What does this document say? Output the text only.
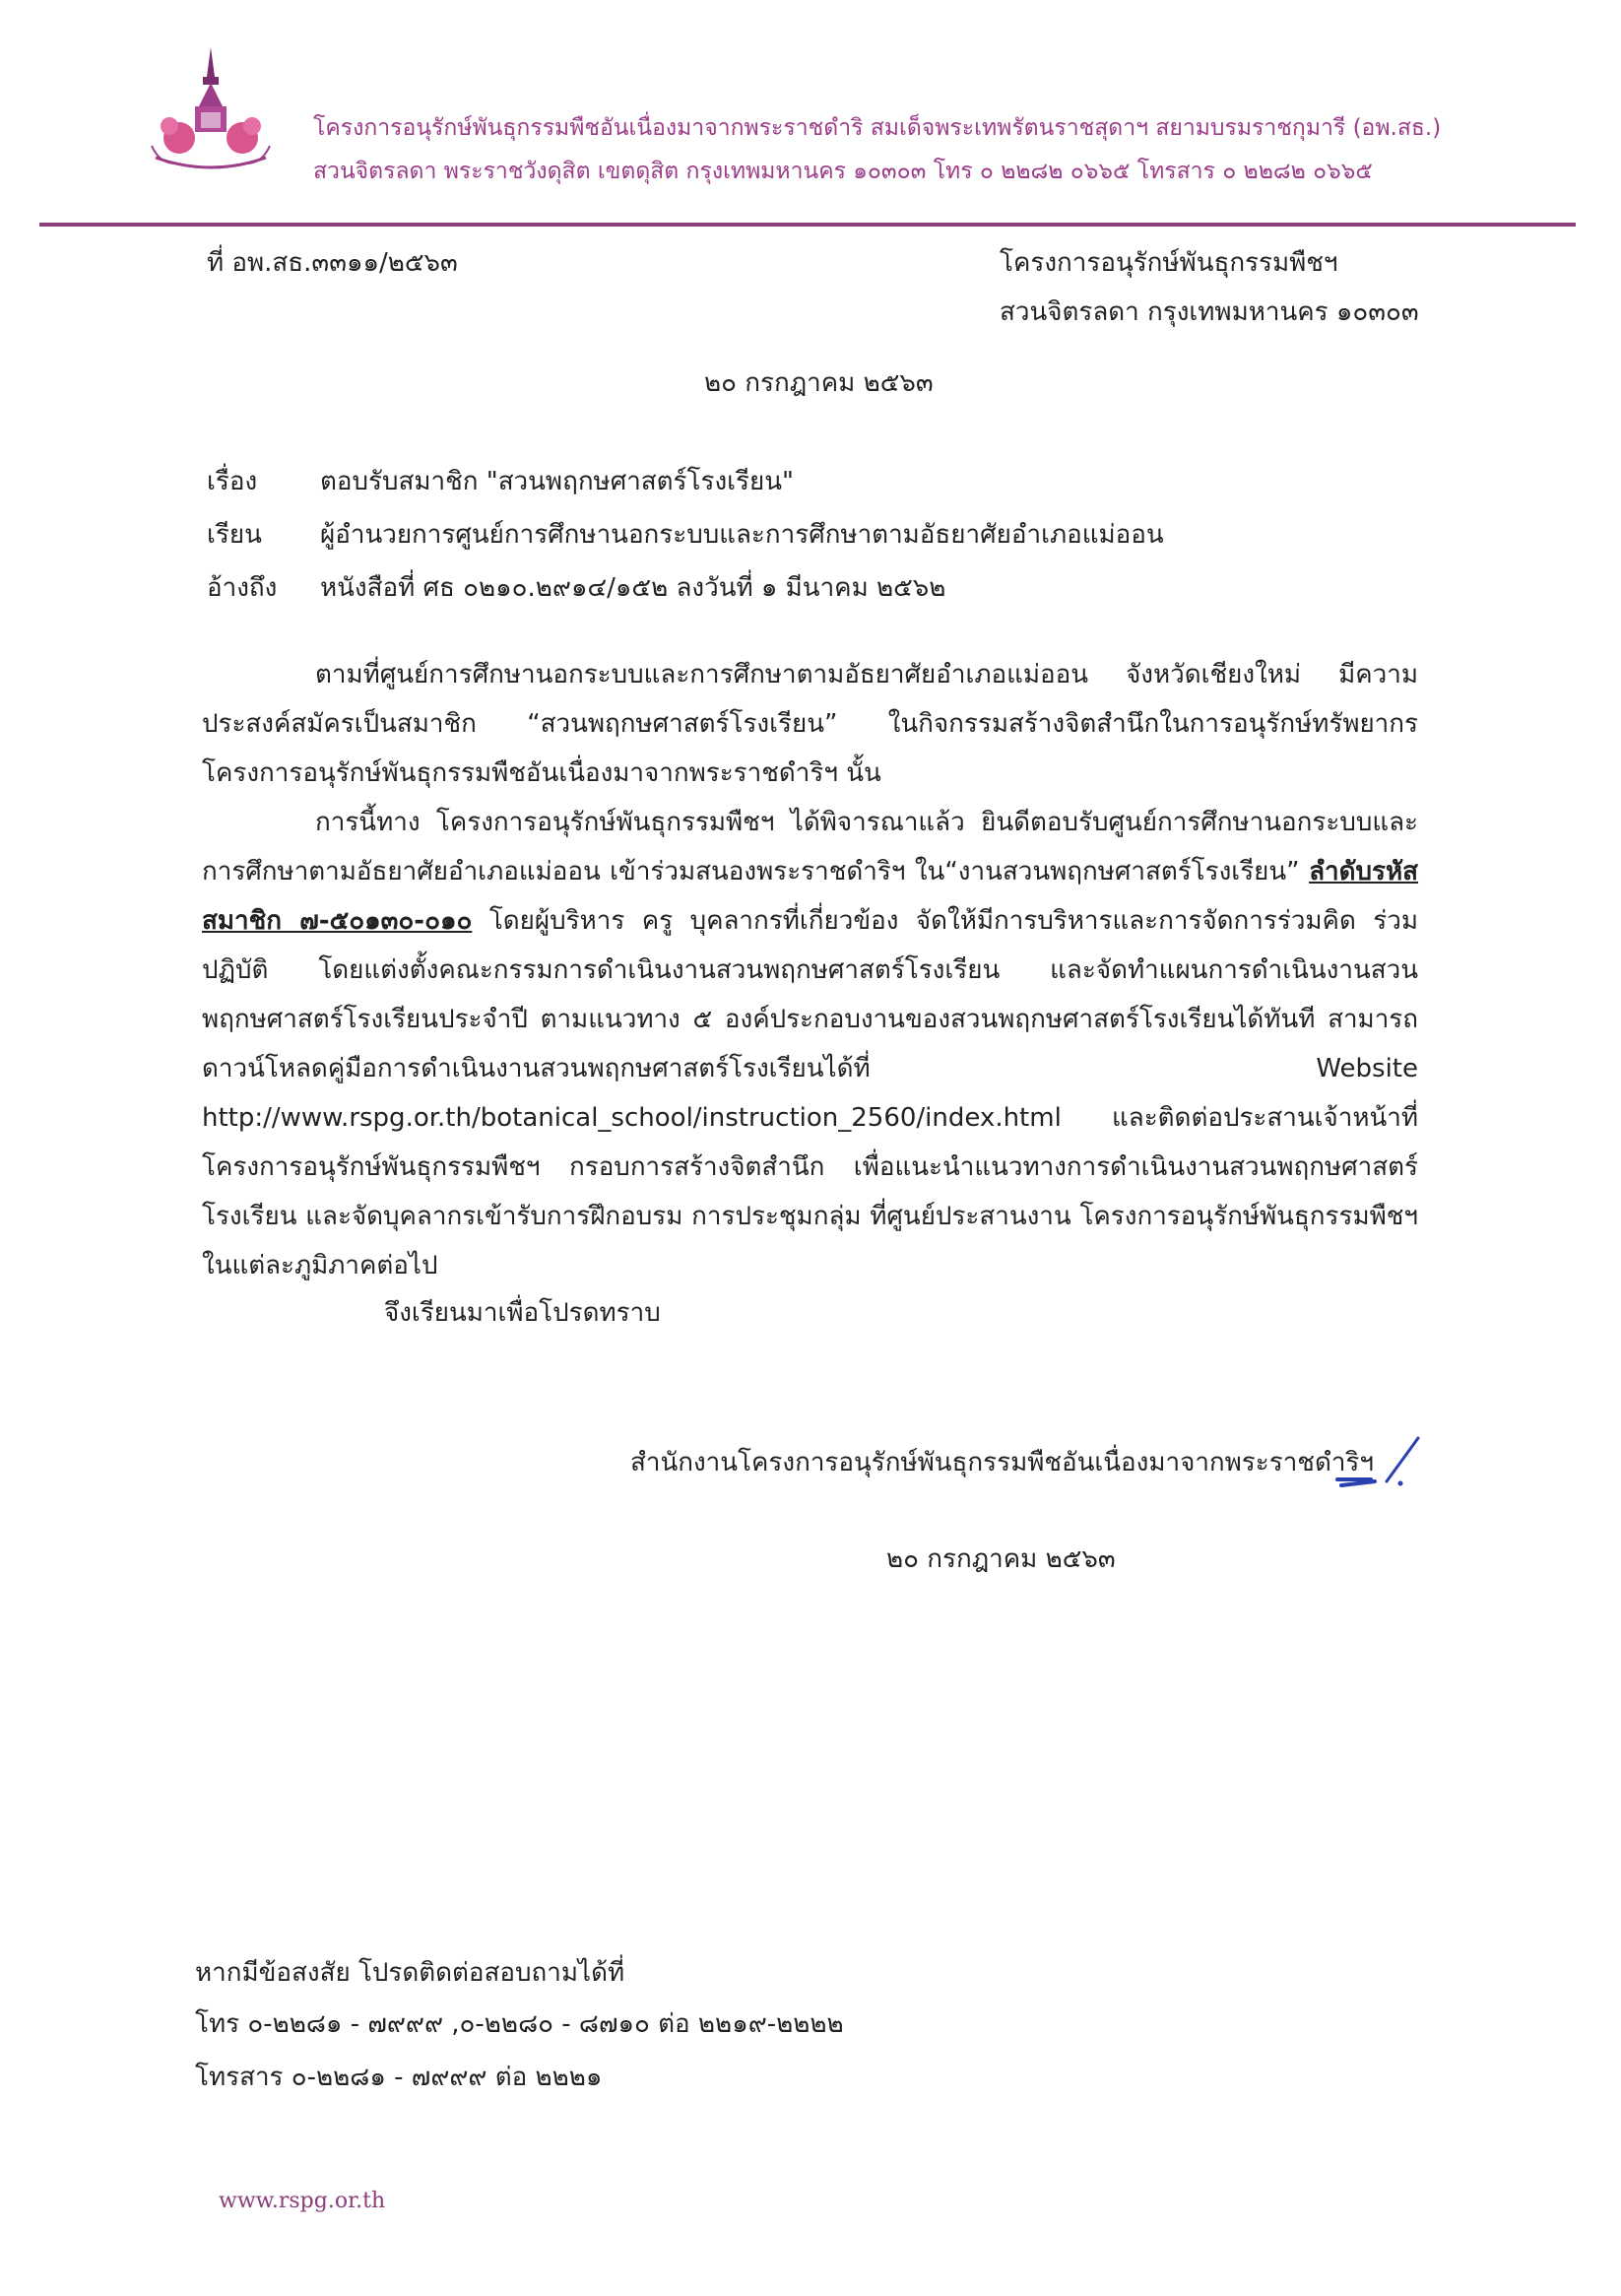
โครงการอนุรักษ์พันธุกรรมพืชอันเนื่องมาจากพระราชดำริ สมเด็จพระเทพรัตนราชสุดาฯ สยามบรมราชกุมารี (อพ.สธ.)
สวนจิตรลดา พระราชวังดุสิต เขตดุสิต กรุงเทพมหานคร ๑๐๓๐๓ โทร ๐ ๒๒๘๒ ๐๖๖๕ โทรสาร ๐ ๒๒๘๒ ๐๖๖๕
ที่ อพ.สธ.๓๓๑๑/๒๕๖๓	โครงการอนุรักษ์พันธุกรรมพืชฯ
สวนจิตรลดา กรุงเทพมหานคร ๑๐๓๐๓
๒๐ กรกฎาคม ๒๕๖๓
เรื่อง ตอบรับสมาชิก "สวนพฤกษศาสตร์โรงเรียน"
เรียน ผู้อำนวยการศูนย์การศึกษานอกระบบและการศึกษาตามอัธยาศัยอำเภอแม่ออน
อ้างถึง หนังสือที่ ศธ ๐๒๑๐.๒๙๑๔/๑๕๒ ลงวันที่ ๑ มีนาคม ๒๕๖๒
ตามที่ศูนย์การศึกษานอกระบบและการศึกษาตามอัธยาศัยอำเภอแม่ออน จังหวัดเชียงใหม่ มีความประสงค์สมัครเป็นสมาชิก “สวนพฤกษศาสตร์โรงเรียน” ในกิจกรรมสร้างจิตสำนึกในการอนุรักษ์ทรัพยากร โครงการอนุรักษ์พันธุกรรมพืชอันเนื่องมาจากพระราชดำริฯ นั้น
การนี้ทาง โครงการอนุรักษ์พันธุกรรมพืชฯ ได้พิจารณาแล้ว ยินดีตอบรับศูนย์การศึกษานอกระบบและการศึกษาตามอัธยาศัยอำเภอแม่ออน เข้าร่วมสนองพระราชดำริฯ ใน“งานสวนพฤกษศาสตร์โรงเรียน” ลำดับรหัสสมาชิก ๗-๕๐๑๓๐-๐๑๐ โดยผู้บริหาร ครู บุคลากรที่เกี่ยวข้อง จัดให้มีการบริหารและการจัดการร่วมคิด ร่วมปฏิบัติ โดยแต่งตั้งคณะกรรมการดำเนินงานสวนพฤกษศาสตร์โรงเรียน และจัดทำแผนการดำเนินงานสวนพฤกษศาสตร์โรงเรียนประจำปี ตามแนวทาง ๕ องค์ประกอบงานของสวนพฤกษศาสตร์โรงเรียนได้ทันที สามารถดาวน์โหลดคู่มือการดำเนินงานสวนพฤกษศาสตร์โรงเรียนได้ที่ Website http://www.rspg.or.th/botanical_school/instruction_2560/index.html และติดต่อประสานเจ้าหน้าที่ โครงการอนุรักษ์พันธุกรรมพืชฯ กรอบการสร้างจิตสำนึก เพื่อแนะนำแนวทางการดำเนินงานสวนพฤกษศาสตร์โรงเรียน และจัดบุคลากรเข้ารับการฝึกอบรม การประชุมกลุ่ม ที่ศูนย์ประสานงาน โครงการอนุรักษ์พันธุกรรมพืชฯ ในแต่ละภูมิภาคต่อไป
จึงเรียนมาเพื่อโปรดทราบ
สำนักงานโครงการอนุรักษ์พันธุกรรมพืชอันเนื่องมาจากพระราชดำริฯ
๒๐ กรกฎาคม ๒๕๖๓
หากมีข้อสงสัย โปรดติดต่อสอบถามได้ที่
โทร ๐-๒๒๘๑ - ๗๙๙๙ ,๐-๒๒๘๐ - ๘๗๑๐ ต่อ ๒๒๑๙-๒๒๒๒
โทรสาร ๐-๒๒๘๑ - ๗๙๙๙ ต่อ ๒๒๒๑
www.rspg.or.th
